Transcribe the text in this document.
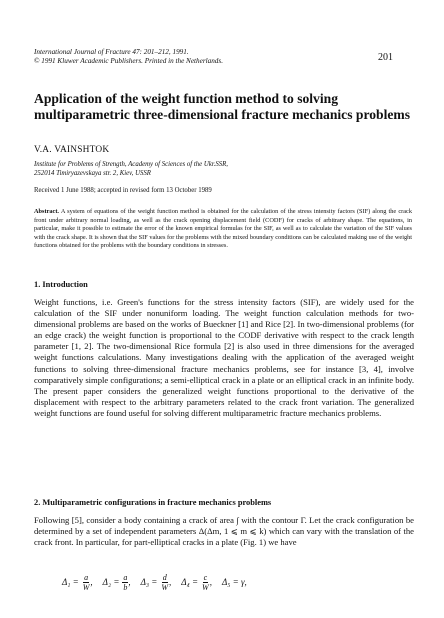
International Journal of Fracture 47: 201–212, 1991.
© 1991 Kluwer Academic Publishers. Printed in the Netherlands.	201
Application of the weight function method to solving multiparametric three-dimensional fracture mechanics problems
V.A. VAINSHTOK
Institute for Problems of Strength, Academy of Sciences of the Ukr.SSR,
252014 Timiryazevskaya str. 2, Kiev, USSR
Received 1 June 1988; accepted in revised form 13 October 1989

Abstract. A system of equations of the weight function method is obtained for the calculation of the stress intensity factors (SIF) along the crack front under arbitrary normal loading, as well as the crack opening displacement field (CODF) for cracks of arbitrary shape. The equations, in particular, make it possible to estimate the error of the known empirical formulas for the SIF, as well as to calculate the variation of the SIF values with the crack shape. It is shown that the SIF values for the problems with the mixed boundary conditions can be calculated making use of the weight functions obtained for the problems with the boundary conditions in stresses.

1. Introduction

Weight functions, i.e. Green's functions for the stress intensity factors (SIF), are widely used for the calculation of the SIF under nonuniform loading. The weight function calculation methods for two-dimensional problems are based on the works of Bueckner [1] and Rice [2]. In two-dimensional problems (for an edge crack) the weight function is proportional to the CODF derivative with respect to the crack length parameter [1, 2]. The two-dimensional Rice formula [2] is also used in three dimensions for the averaged weight functions calculations. Many investigations dealing with the application of the averaged weight functions to solving three-dimensional fracture mechanics problems, see for instance [3, 4], involve comparatively simple configurations; a semi-elliptical crack in a plate or an elliptical crack in an infinite body. The present paper considers the generalized weight functions proportional to the derivative of the displacement with respect to the arbitrary parameters related to the crack front variation. The generalized weight functions are found useful for solving different multiparametric fracture mechanics problems.

2. Multiparametric configurations in fracture mechanics problems

Following [5], consider a body containing a crack of area ∫ with the contour Γ. Let the crack configuration be determined by a set of independent parameters Δ(Δm, 1 ⩽ m ⩽ k) which can vary with the translation of the crack front. In particular, for part-elliptical cracks in a plate (Fig. 1) we have

$\Delta_1 = \frac{a}{W}$ , $\Delta_2 = \frac{a}{b}$ , $\Delta_3 = \frac{d}{W}$ , $\Delta_4 = \frac{c}{W}$ , Δ₅ = γ,
